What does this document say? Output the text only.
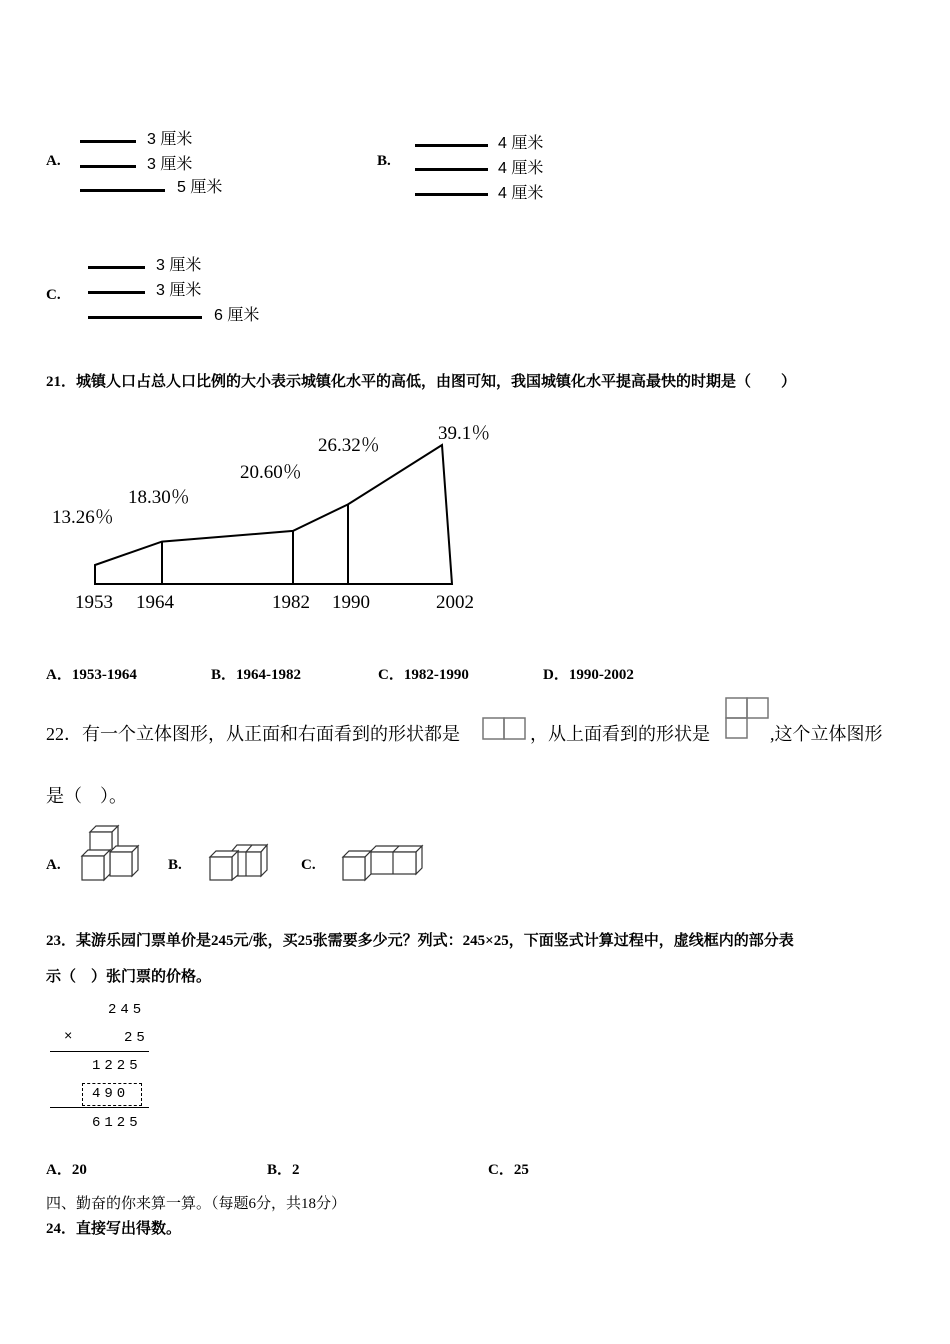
A.
3 厘米
3 厘米
5 厘米
B.
4 厘米
4 厘米
4 厘米
C.
3 厘米
3 厘米
6 厘米
21．城镇人口占总人口比例的大小表示城镇化水平的高低，由图可知，我国城镇化水平提高最快的时期是（　　）
13.26％
18.30％
20.60％
26.32％
39.1％
1953 1964	1982 1990	2002
A．1953-1964	B．1964-1982	C．1982-1990	D．1990-2002
22．有一个立体图形，从正面和右面看到的形状都是	，从上面看到的形状是	,这个立体图形
是（　）。
A.	B.	C.
23．某游乐园门票单价是245元/张，买25张需要多少元？列式：245×25，下面竖式计算过程中，虚线框内的部分表
示（　）张门票的价格。
245
×	25
1225
490
6125
A．20	B．2	C．25
四、勤奋的你来算一算。（每题6分，共18分）
24．直接写出得数。
